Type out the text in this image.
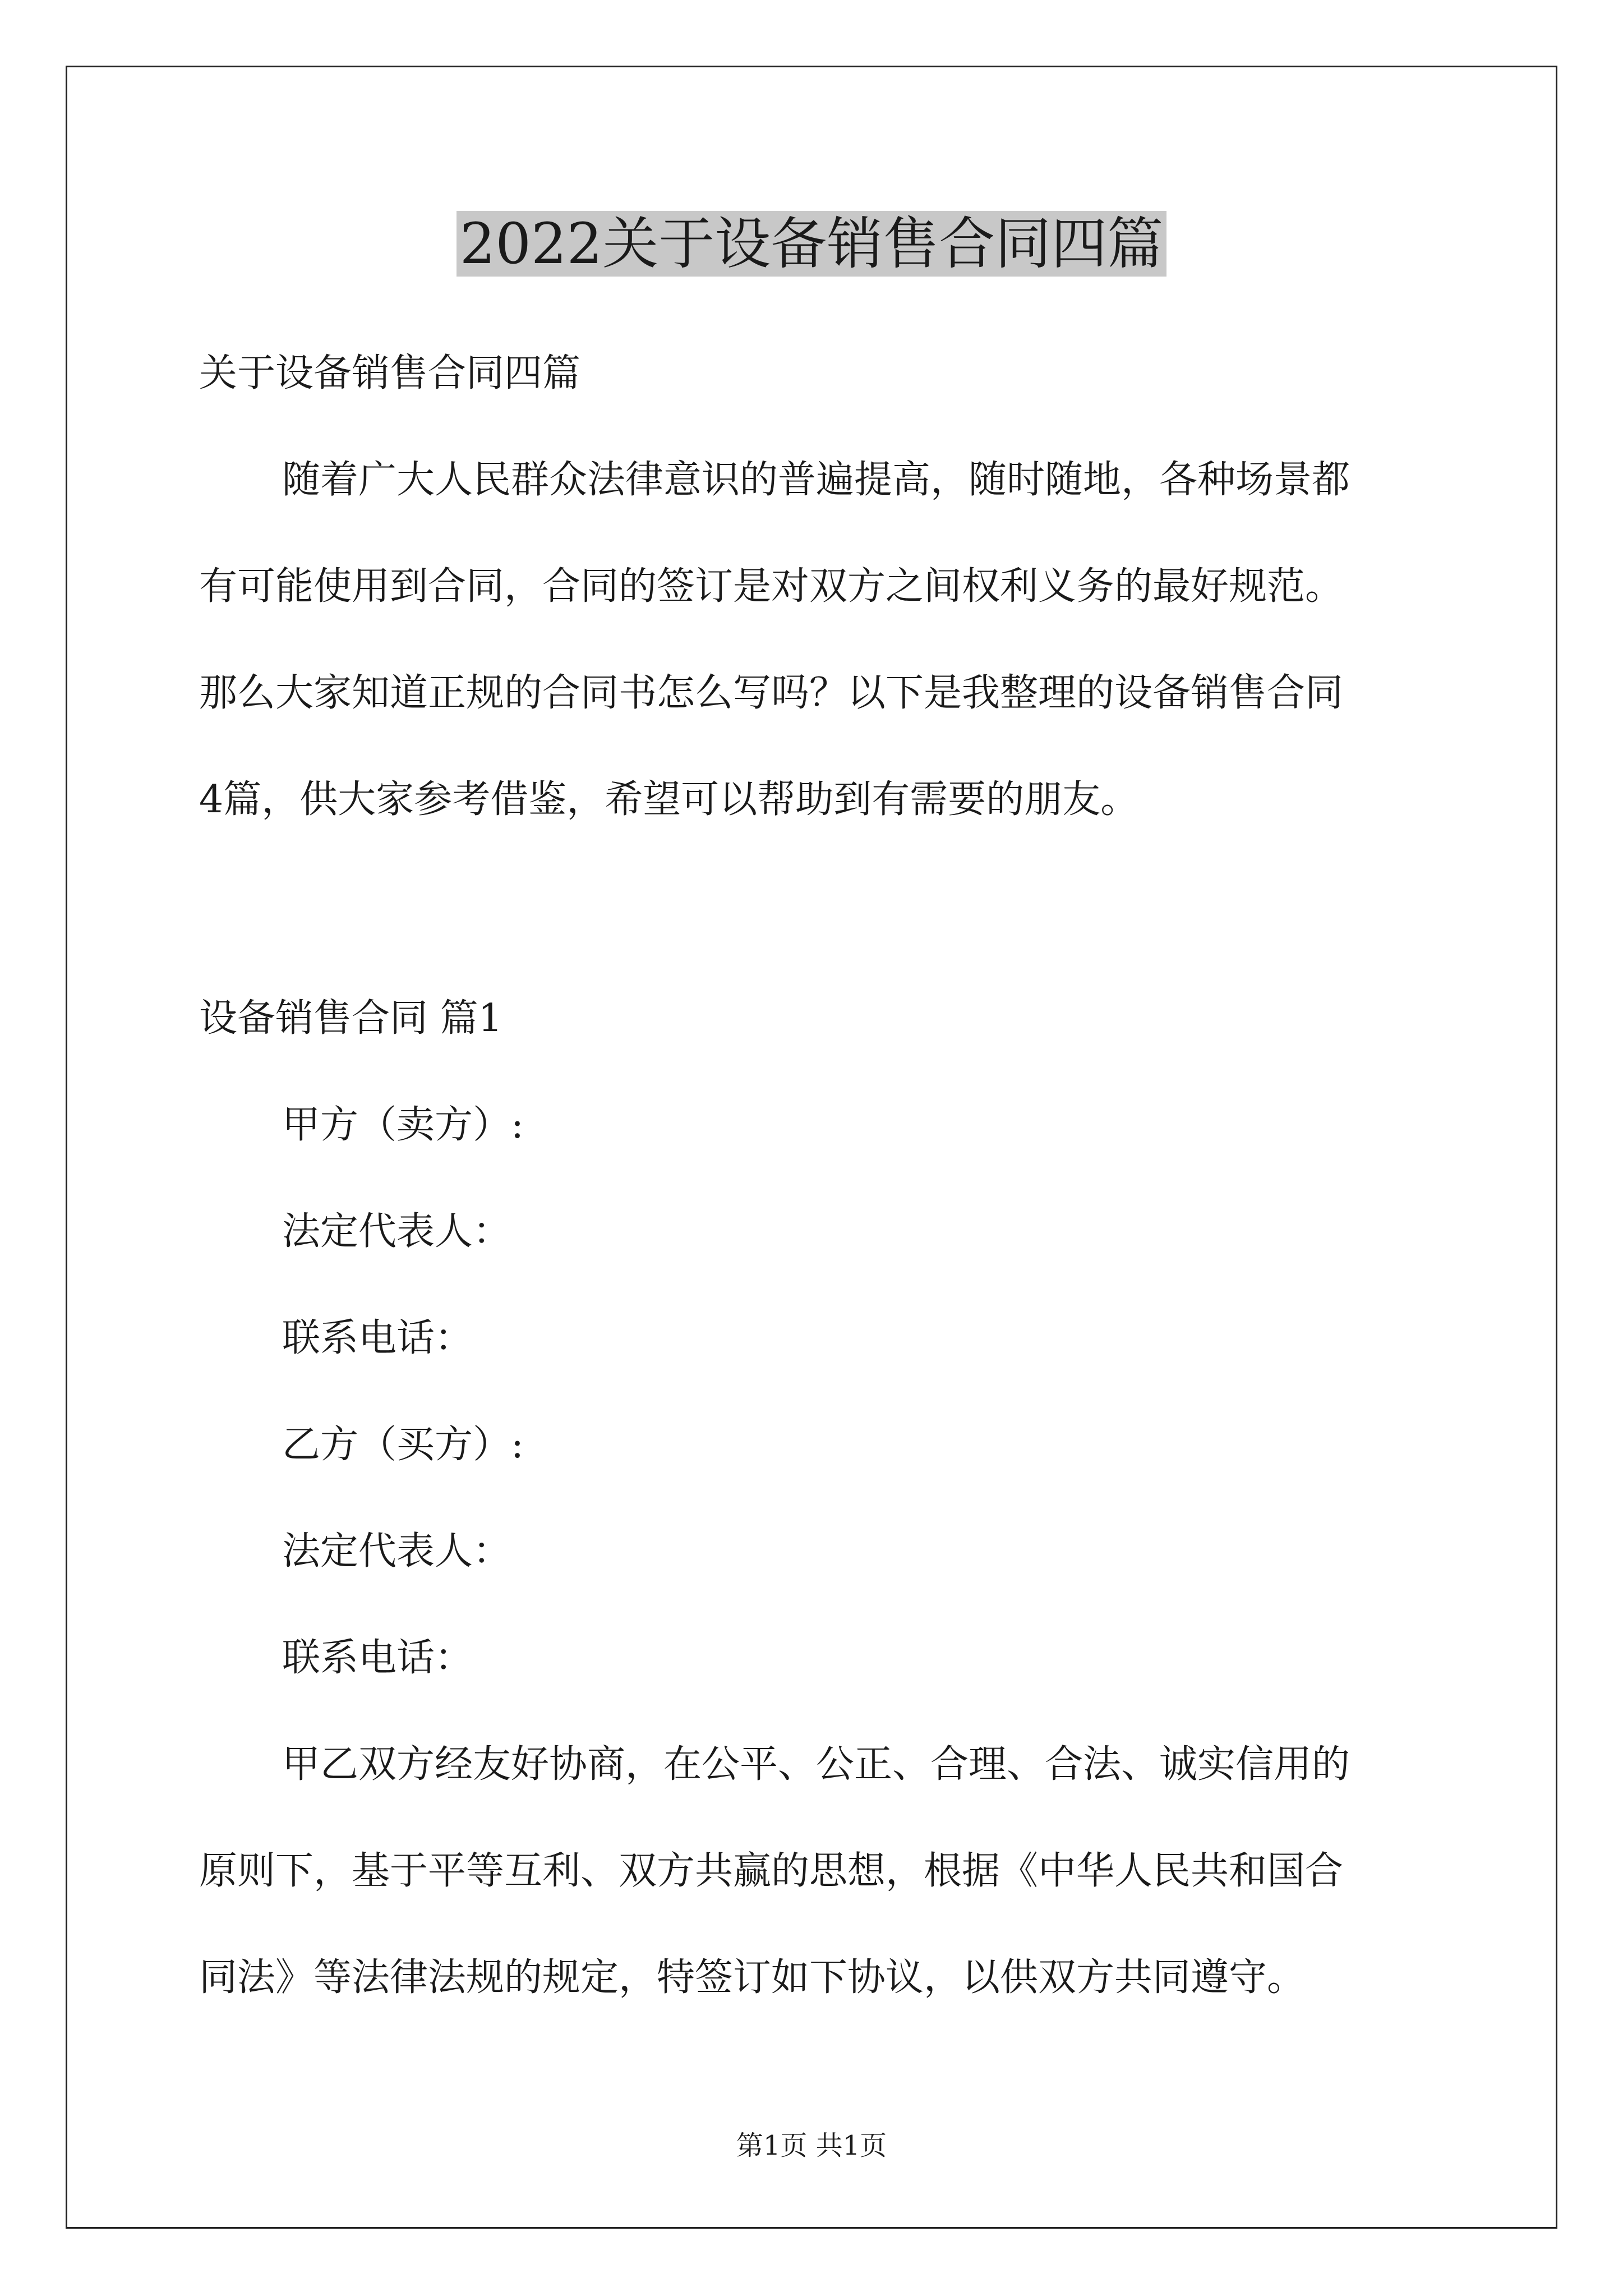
2022关于设备销售合同四篇

关于设备销售合同四篇

随着广大人民群众法律意识的普遍提高，随时随地，各种场景都

有可能使用到合同，合同的签订是对双方之间权利义务的最好规范。

那么大家知道正规的合同书怎么写吗？以下是我整理的设备销售合同

4篇，供大家参考借鉴，希望可以帮助到有需要的朋友。

设备销售合同 篇1

甲方（卖方）:

法定代表人：

联系电话：

乙方（买方）:

法定代表人：

联系电话：

甲乙双方经友好协商，在公平、公正、合理、合法、诚实信用的

原则下，基于平等互利、双方共赢的思想，根据《中华人民共和国合

同法》等法律法规的规定，特签订如下协议，以供双方共同遵守。

第1页 共1页
